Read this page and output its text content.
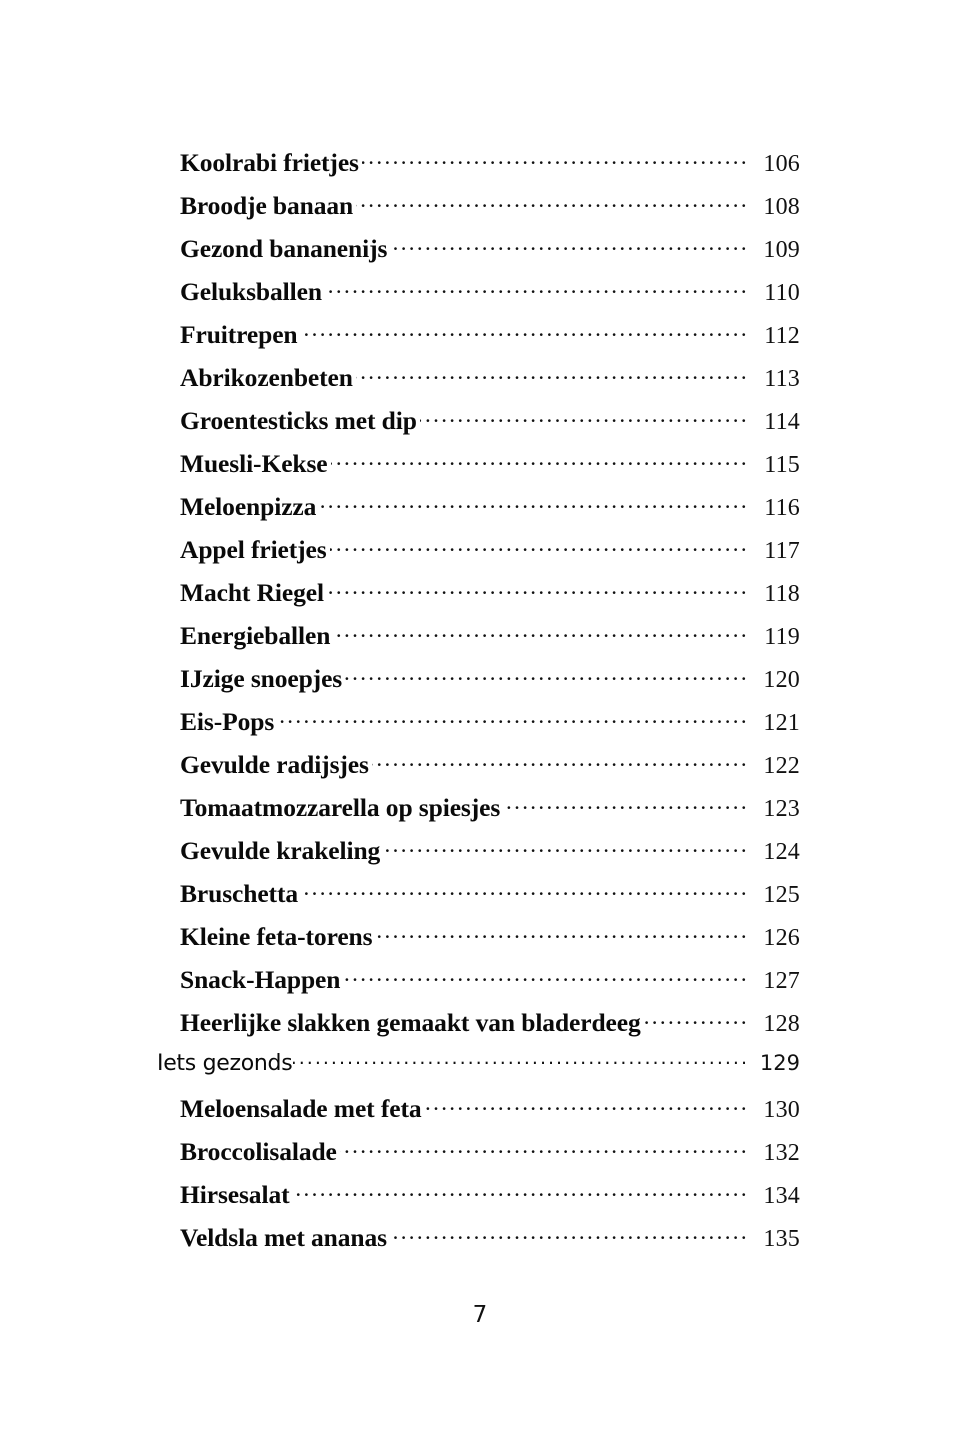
Koolrabi frietjes .....	106
Broodje banaan .....	108
Gezond bananenijs .....	109
Geluksballen .....	110
Fruitrepen .....	112
Abrikozenbeten .....	113
Groentesticks met dip .....	114
Muesli-Kekse .....	115
Meloenpizza .....	116
Appel frietjes .....	117
Macht Riegel .....	118
Energieballen .....	119
IJzige snoepjes .....	120
Eis-Pops .....	121
Gevulde radijsjes .....	122
Tomaatmozzarella op spiesjes .....	123
Gevulde krakeling .....	124
Bruschetta .....	125
Kleine feta-torens .....	126
Snack-Happen .....	127
Heerlijke slakken gemaakt van bladerdeeg .....	128
Iets gezonds .....	129
Meloensalade met feta .....	130
Broccolisalade .....	132
Hirsesalat .....	134
Veldsla met ananas .....	135
7
